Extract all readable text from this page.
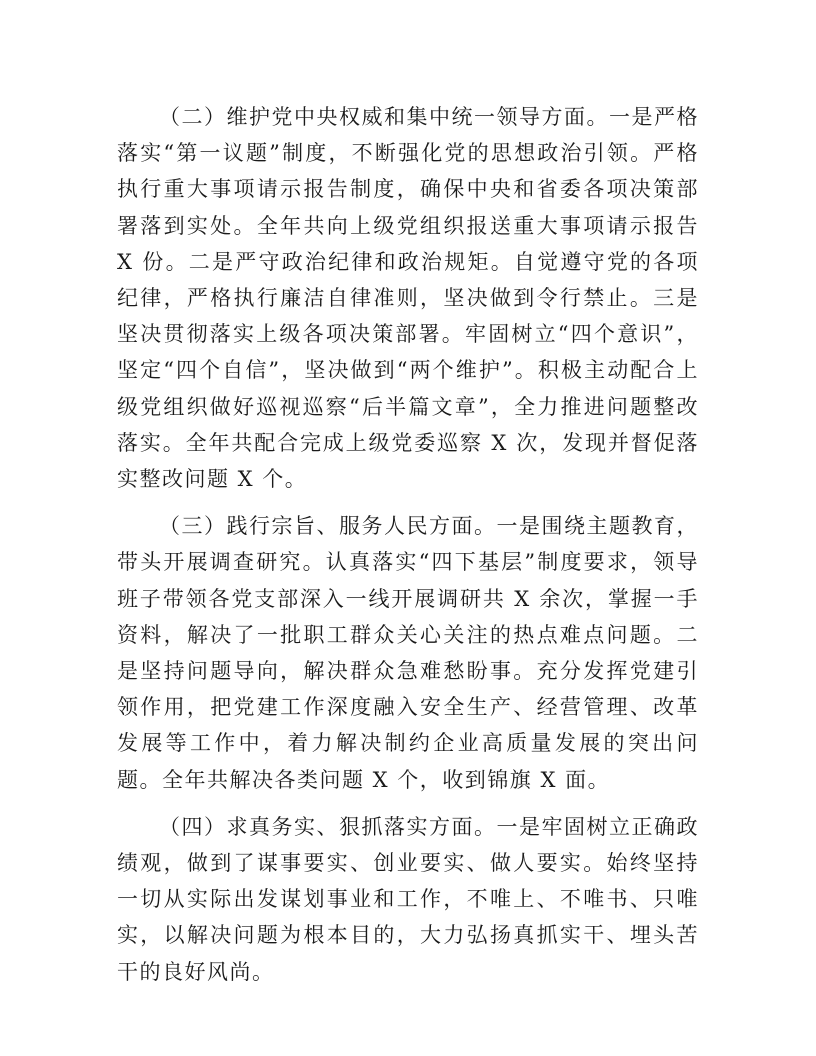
（二）维护党中央权威和集中统一领导方面。一是严格落实“第一议题”制度，不断强化党的思想政治引领。严格执行重大事项请示报告制度，确保中央和省委各项决策部署落到实处。全年共向上级党组织报送重大事项请示报告 X 份。二是严守政治纪律和政治规矩。自觉遵守党的各项纪律，严格执行廉洁自律准则，坚决做到令行禁止。三是坚决贯彻落实上级各项决策部署。牢固树立“四个意识”，坚定“四个自信”，坚决做到“两个维护”。积极主动配合上级党组织做好巡视巡察“后半篇文章”，全力推进问题整改落实。全年共配合完成上级党委巡察 X 次，发现并督促落实整改问题 X 个。

（三）践行宗旨、服务人民方面。一是围绕主题教育，带头开展调查研究。认真落实“四下基层”制度要求，领导班子带领各党支部深入一线开展调研共 X 余次，掌握一手资料，解决了一批职工群众关心关注的热点难点问题。二是坚持问题导向，解决群众急难愁盼事。充分发挥党建引领作用，把党建工作深度融入安全生产、经营管理、改革发展等工作中，着力解决制约企业高质量发展的突出问题。全年共解决各类问题 X 个，收到锦旗 X 面。

（四）求真务实、狠抓落实方面。一是牢固树立正确政绩观，做到了谋事要实、创业要实、做人要实。始终坚持一切从实际出发谋划事业和工作，不唯上、不唯书、只唯实，以解决问题为根本目的，大力弘扬真抓实干、埋头苦干的良好风尚。
